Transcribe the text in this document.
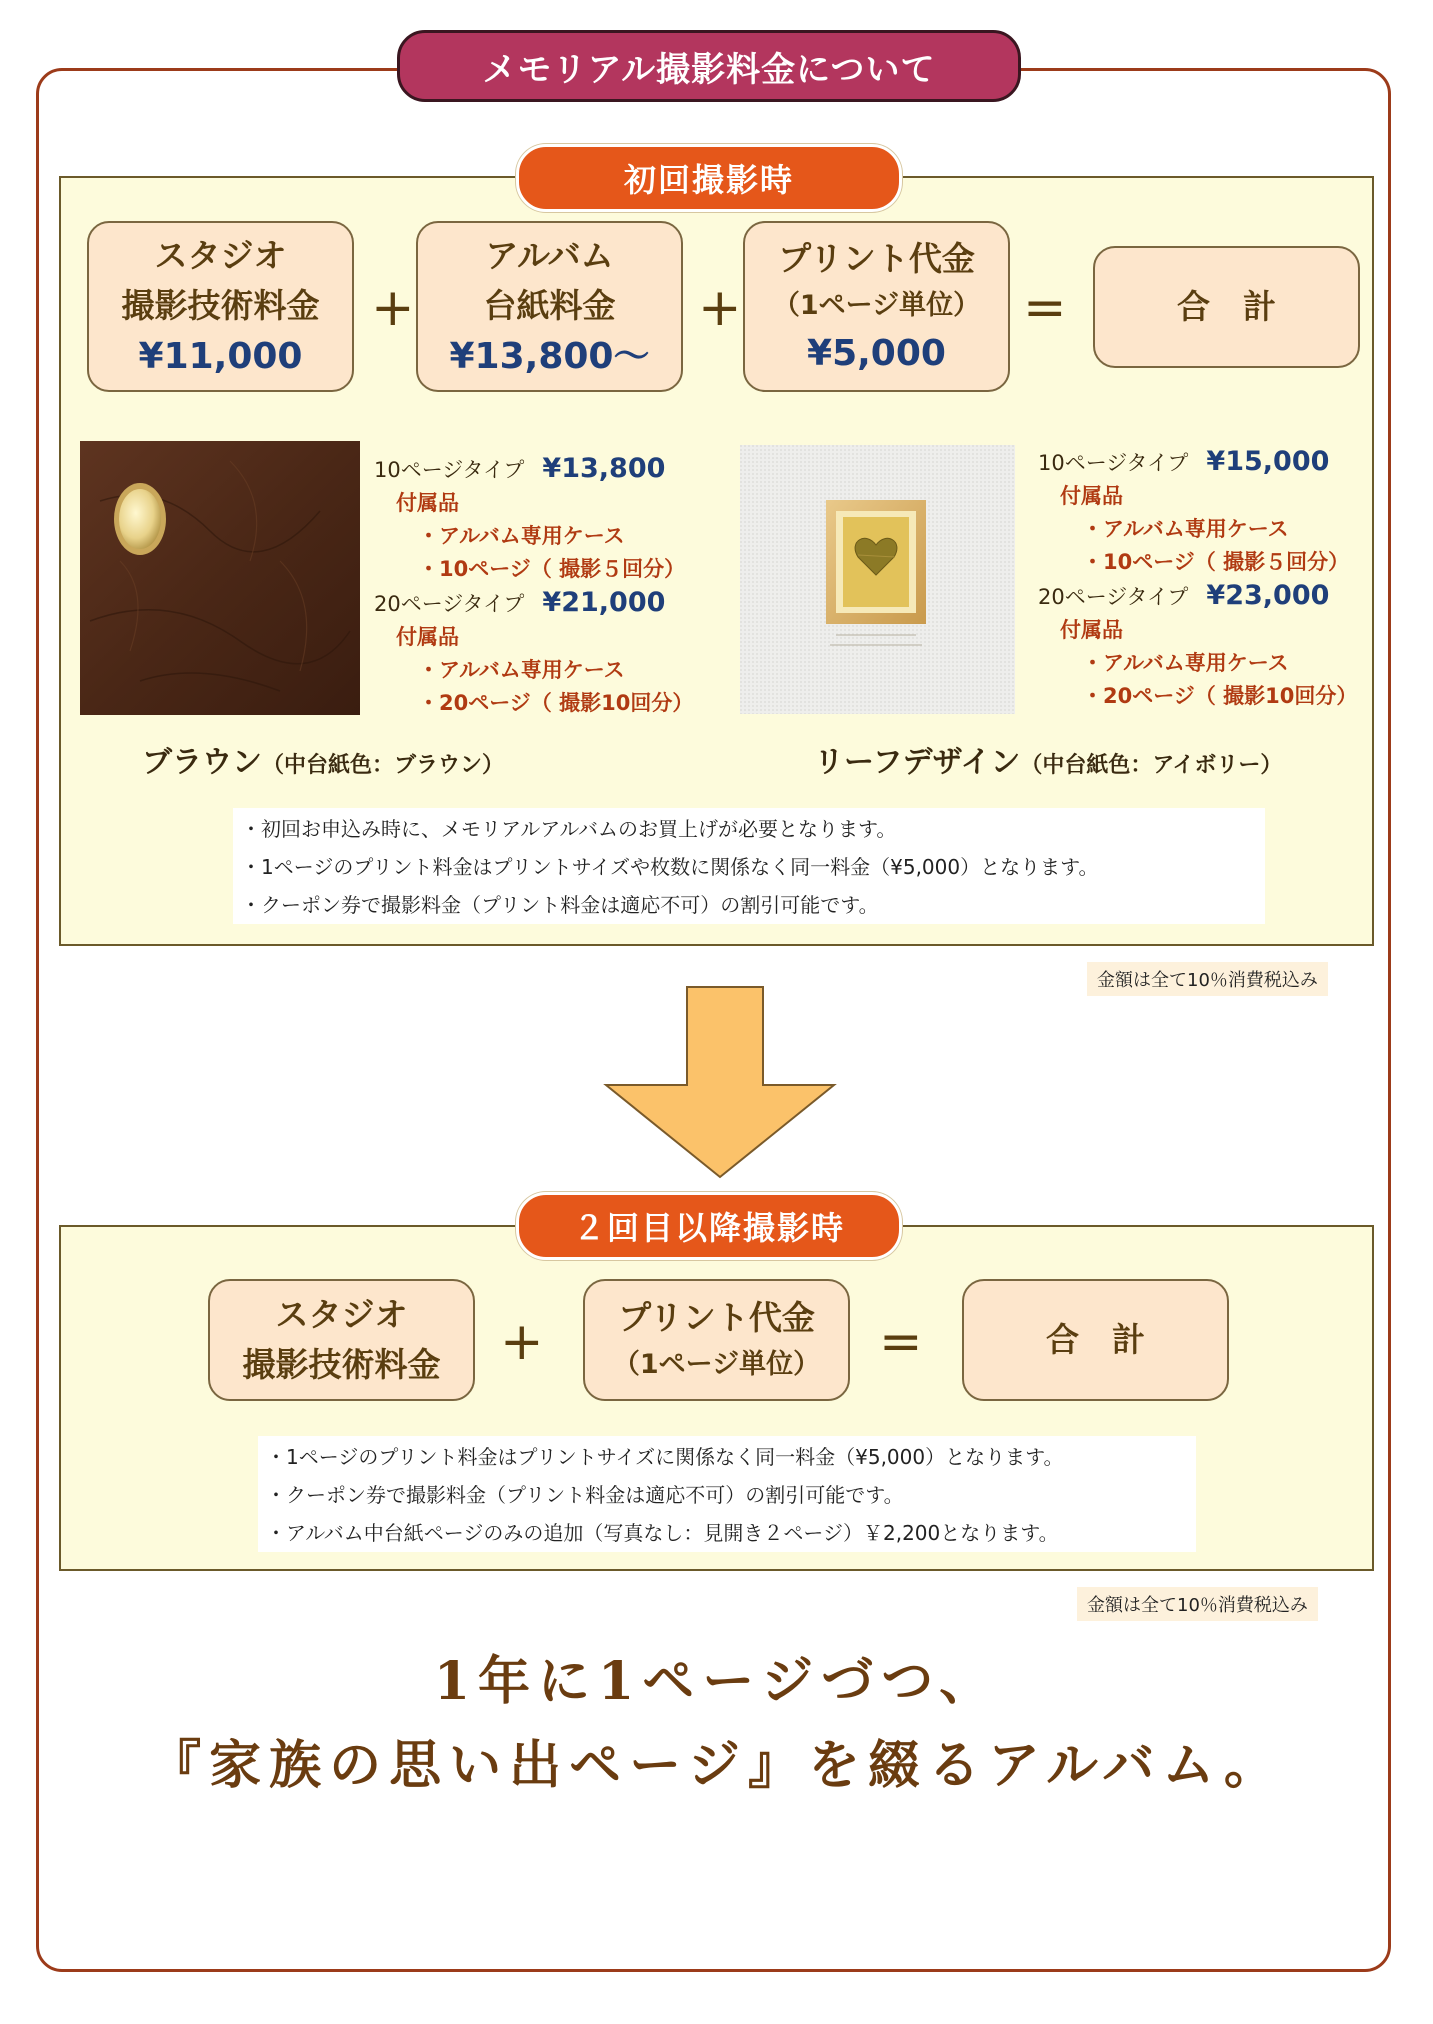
メモリアル撮影料金について
初回撮影時
スタジオ
撮影技術料金
¥11,000
+
アルバム
台紙料金
¥13,800〜
+
プリント代金
（1ページ単位）
¥5,000
=	合　計
10ページタイプ ¥13,800
付属品
・アルバム専用ケース
・10ページ（ 撮影５回分）
20ページタイプ ¥21,000
付属品
・アルバム専用ケース
・20ページ（ 撮影10回分）
10ページタイプ ¥15,000
付属品
・アルバム専用ケース
・10ページ（ 撮影５回分）
20ページタイプ ¥23,000
付属品
・アルバム専用ケース
・20ページ（ 撮影10回分）
ブラウン（中台紙色：ブラウン）	リーフデザイン（中台紙色：アイボリー）
・初回お申込み時に、メモリアルアルバムのお買上げが必要となります。
・1ページのプリント料金はプリントサイズや枚数に関係なく同一料金（¥5,000）となります。
・クーポン券で撮影料金（プリント料金は適応不可）の割引可能です。
金額は全て10％消費税込み
２回目以降撮影時
スタジオ
撮影技術料金 + プリント代金
（1ページ単位） =	合　計
・1ページのプリント料金はプリントサイズに関係なく同一料金（¥5,000）となります。
・クーポン券で撮影料金（プリント料金は適応不可）の割引可能です。
・アルバム中台紙ページのみの追加（写真なし：見開き２ページ）￥2,200となります。
金額は全て10％消費税込み
1年に1ページづつ、
『家族の思い出ページ』を綴るアルバム。
